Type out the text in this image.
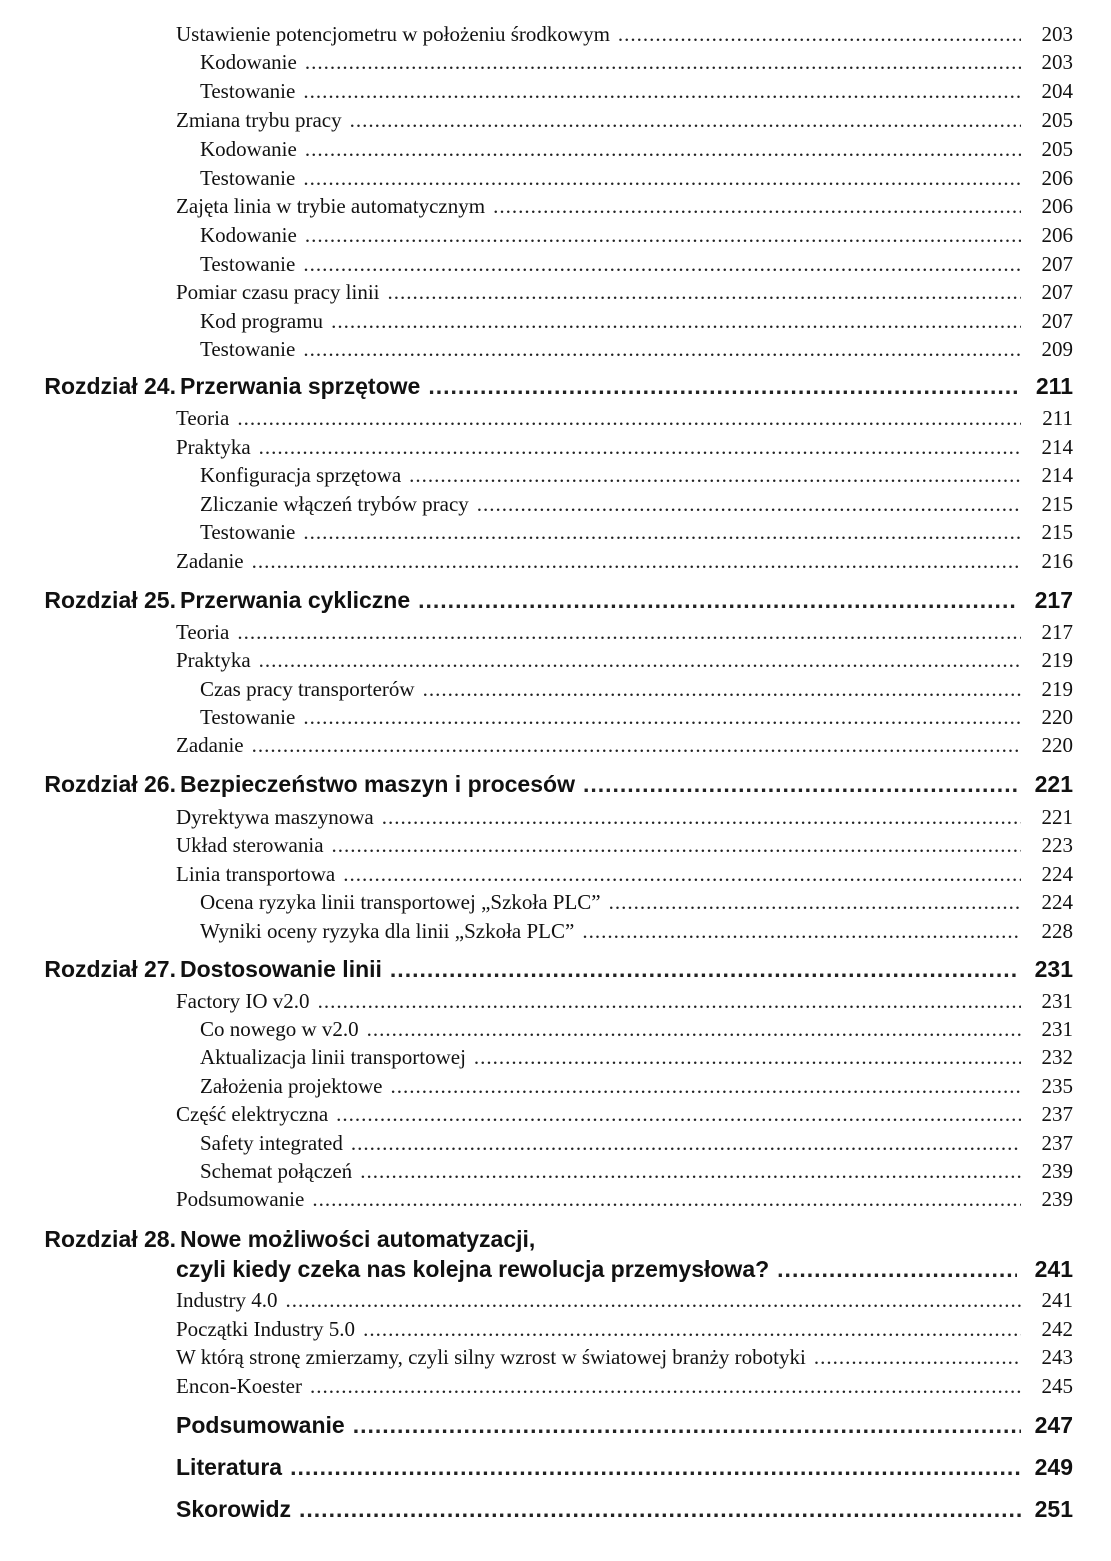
Ustawienie potencjometru w położeniu środkowym .....	203
Kodowanie .....	203
Testowanie .....	204
Zmiana trybu pracy .....	205
Kodowanie .....	205
Testowanie .....	206
Zajęta linia w trybie automatycznym .....	206
Kodowanie .....	206
Testowanie .....	207
Pomiar czasu pracy linii .....	207
Kod programu .....	207
Testowanie .....	209
Rozdział 24. Przerwania sprzętowe .....	211
Teoria .....	211
Praktyka .....	214
Konfiguracja sprzętowa .....	214
Zliczanie włączeń trybów pracy .....	215
Testowanie .....	215
Zadanie .....	216
Rozdział 25. Przerwania cykliczne .....	217
Teoria .....	217
Praktyka .....	219
Czas pracy transporterów .....	219
Testowanie .....	220
Zadanie .....	220
Rozdział 26. Bezpieczeństwo maszyn i procesów .....	221
Dyrektywa maszynowa .....	221
Układ sterowania .....	223
Linia transportowa .....	224
Ocena ryzyka linii transportowej „Szkoła PLC” .....	224
Wyniki oceny ryzyka dla linii „Szkoła PLC” .....	228
Rozdział 27. Dostosowanie linii .....	231
Factory IO v2.0 .....	231
Co nowego w v2.0 .....	231
Aktualizacja linii transportowej .....	232
Założenia projektowe .....	235
Część elektryczna .....	237
Safety integrated .....	237
Schemat połączeń .....	239
Podsumowanie .....	239
Rozdział 28. Nowe możliwości automatyzacji,
czyli kiedy czeka nas kolejna rewolucja przemysłowa? .....	241
Industry 4.0 .....	241
Początki Industry 5.0 .....	242
W którą stronę zmierzamy, czyli silny wzrost w światowej branży robotyki .....	243
Encon-Koester .....	245
Podsumowanie .....	247
Literatura .....	249
Skorowidz .....	251
